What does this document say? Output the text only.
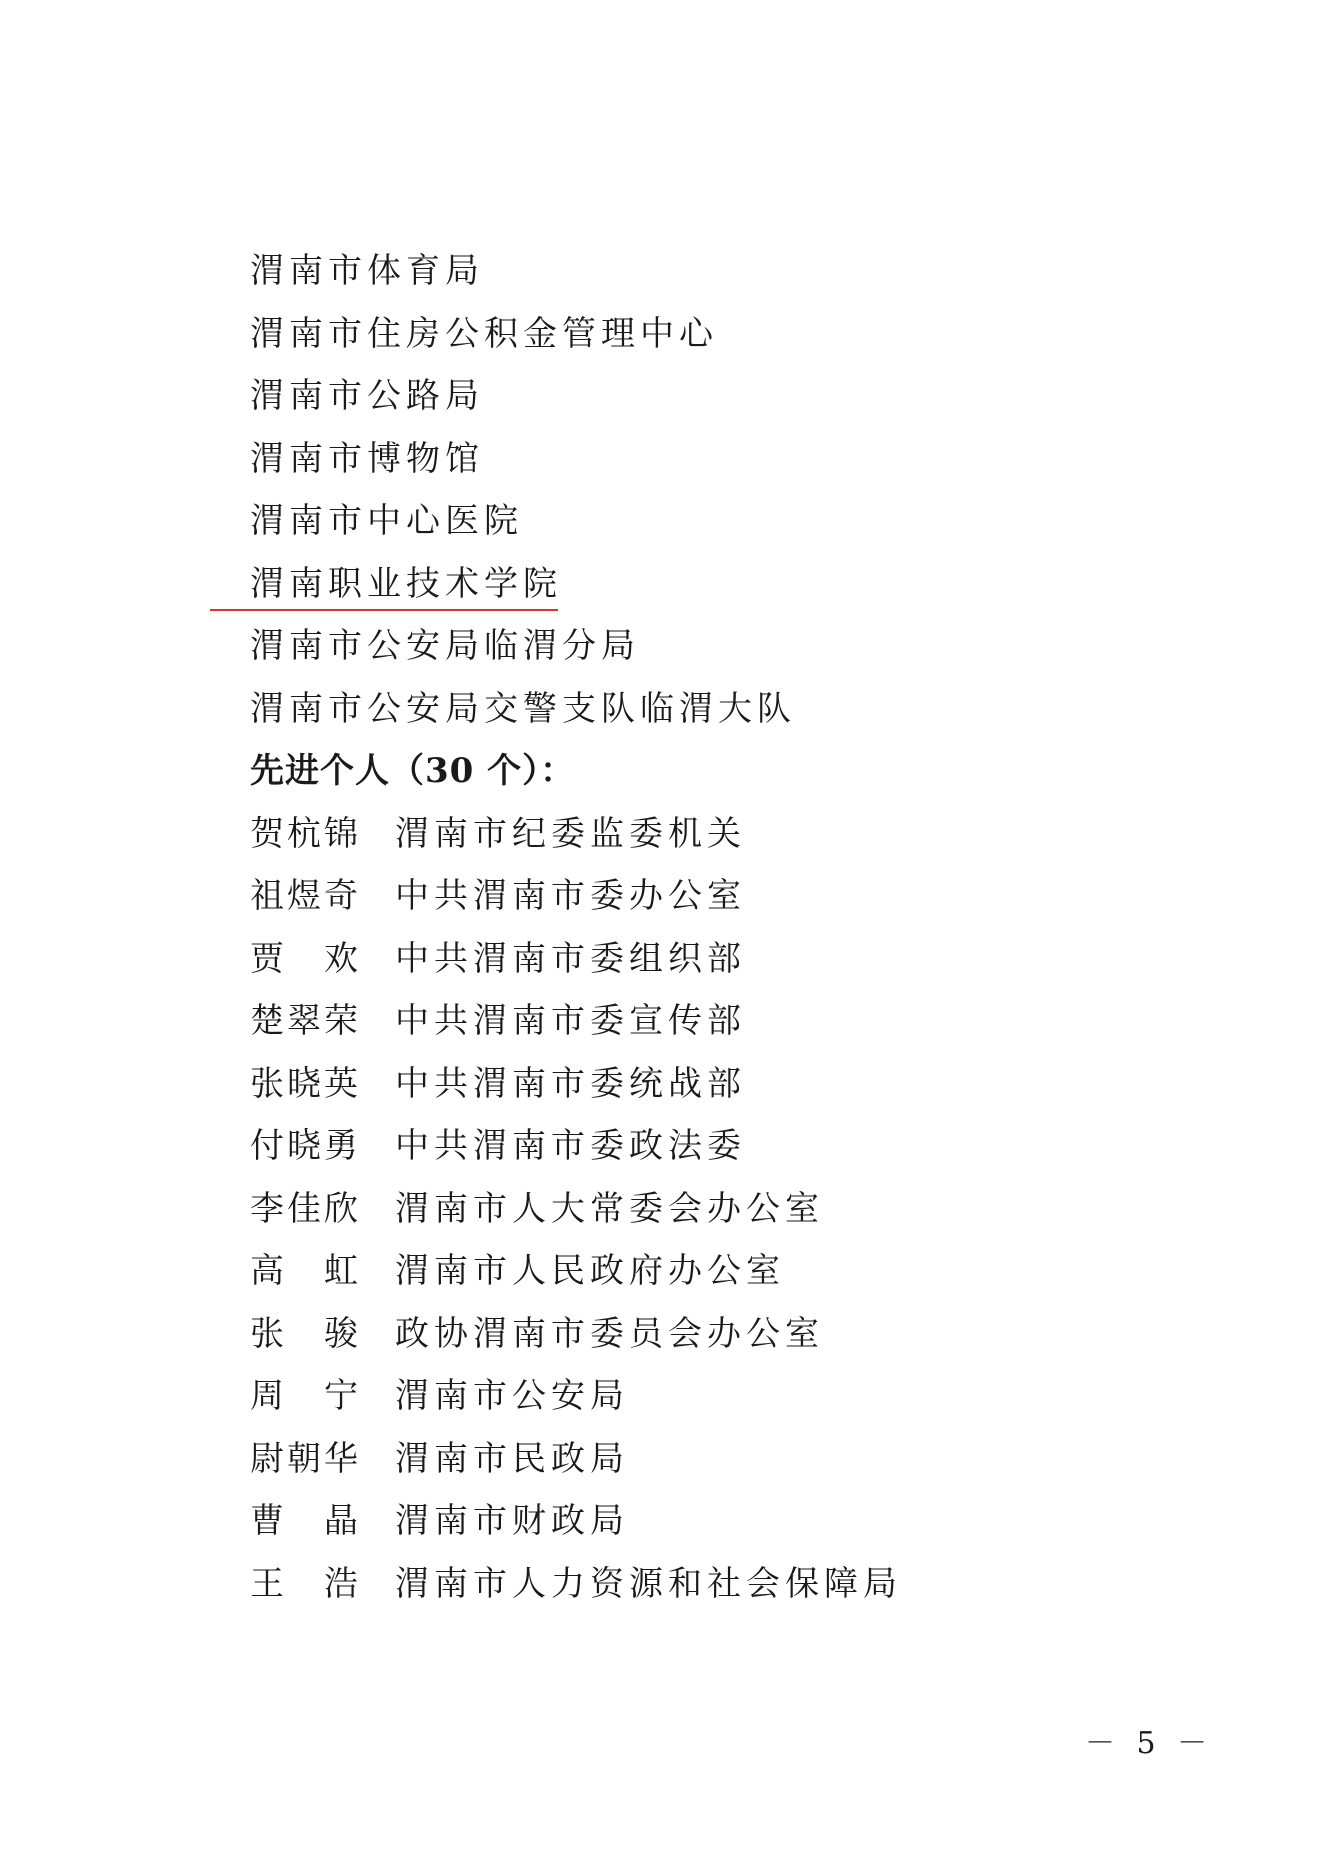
渭南市体育局
渭南市住房公积金管理中心
渭南市公路局
渭南市博物馆
渭南市中心医院
渭南职业技术学院
渭南市公安局临渭分局
渭南市公安局交警支队临渭大队
先进个人（30 个）：
贺杭锦 渭南市纪委监委机关
祖煜奇 中共渭南市委办公室
贾欢 中共渭南市委组织部
楚翠荣 中共渭南市委宣传部
张晓英 中共渭南市委统战部
付晓勇 中共渭南市委政法委
李佳欣 渭南市人大常委会办公室
高虹 渭南市人民政府办公室
张骏 政协渭南市委员会办公室
周宁 渭南市公安局
尉朝华 渭南市民政局
曹晶 渭南市财政局
王浩 渭南市人力资源和社会保障局
－ 5 －
